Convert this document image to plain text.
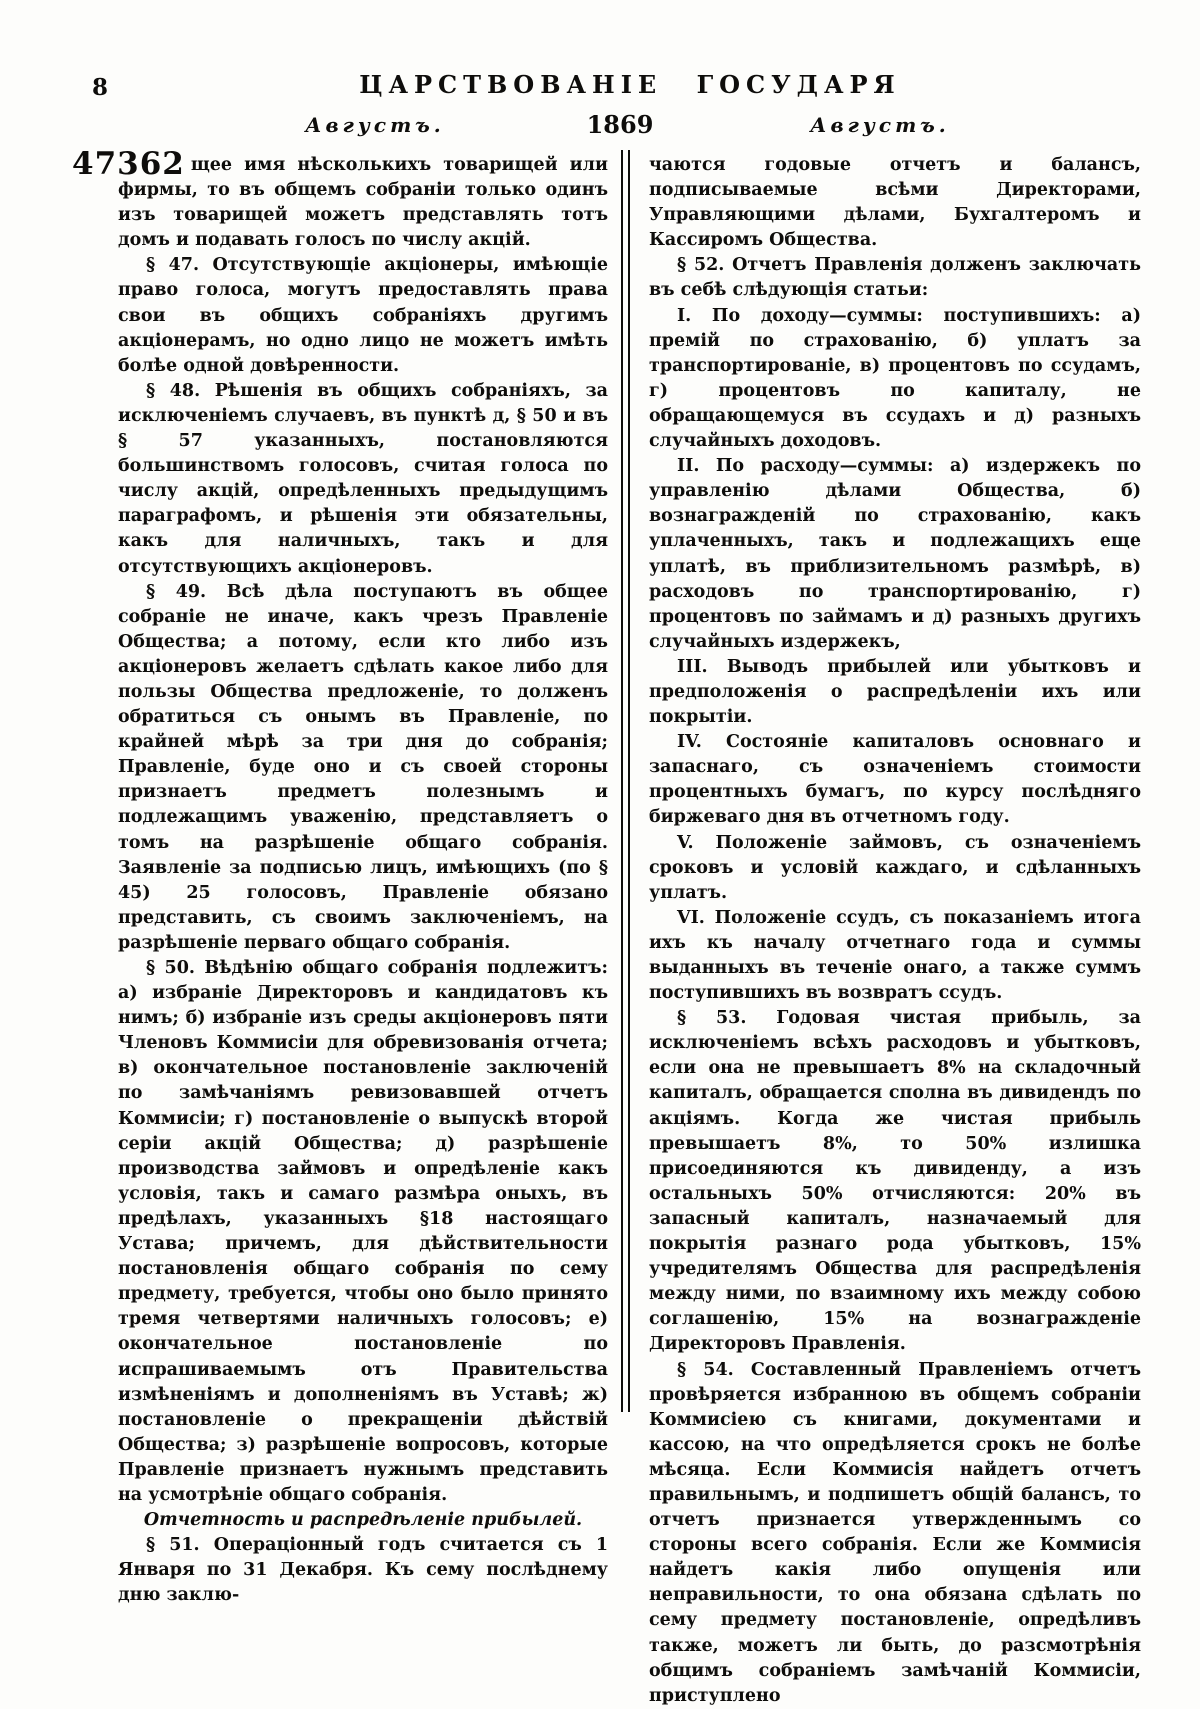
8	ЦАРСТВОВАНІЕ ГОСУДАРЯ
Августъ.	1869	Августъ.

47362 щее имя нѣсколькихъ товарищей или фирмы, то въ общемъ собраніи только одинъ изъ товарищей можетъ представлять тотъ домъ и подавать голосъ по числу акцій.

§ 47. Отсутствующіе акціонеры, имѣющіе право голоса, могутъ предоставлять права свои въ общихъ собраніяхъ другимъ акціонерамъ, но одно лицо не можетъ имѣть болѣе одной довѣренности.

§ 48. Рѣшенія въ общихъ собраніяхъ, за исключеніемъ случаевъ, въ пунктѣ д, § 50 и въ § 57 указанныхъ, постановляются большинствомъ голосовъ, считая голоса по числу акцій, опредѣленныхъ предыдущимъ параграфомъ, и рѣшенія эти обязательны, какъ для наличныхъ, такъ и для отсутствующихъ акціонеровъ.

§ 49. Всѣ дѣла поступаютъ въ общее собраніе не иначе, какъ чрезъ Правленіе Общества; а потому, если кто либо изъ акціонеровъ желаетъ сдѣлать какое либо для пользы Общества предложеніе, то долженъ обратиться съ онымъ въ Правленіе, по крайней мѣрѣ за три дня до собранія; Правленіе, буде оно и съ своей стороны признаетъ предметъ полезнымъ и подлежащимъ уваженію, представляетъ о томъ на разрѣшеніе общаго собранія. Заявленіе за подписью лицъ, имѣющихъ (по § 45) 25 голосовъ, Правленіе обязано представить, съ своимъ заключеніемъ, на разрѣшеніе перваго общаго собранія.

§ 50. Вѣдѣнію общаго собранія подлежитъ: а) избраніе Директоровъ и кандидатовъ къ нимъ; б) избраніе изъ среды акціонеровъ пяти Членовъ Коммисіи для обревизованія отчета; в) окончательное постановленіе заключеній по замѣчаніямъ ревизовавшей отчетъ Коммисіи; г) постановленіе о выпускѣ второй серіи акцій Общества; д) разрѣшеніе производства займовъ и опредѣленіе какъ условія, такъ и самаго размѣра оныхъ, въ предѣлахъ, указанныхъ §18 настоящаго Устава; причемъ, для дѣйствительности постановленія общаго собранія по сему предмету, требуется, чтобы оно было принято тремя четвертями наличныхъ голосовъ; е) окончательное постановленіе по испрашиваемымъ отъ Правительства измѣненіямъ и дополненіямъ въ Уставѣ; ж) постановленіе о прекращеніи дѣйствій Общества; з) разрѣшеніе вопросовъ, которые Правленіе признаетъ нужнымъ представить на усмотрѣніе общаго собранія.

Отчетность и распредѣленіе прибылей.

§ 51. Операціонный годъ считается съ 1 Января по 31 Декабря. Къ сему послѣднему дню заклю-

чаются годовые отчетъ и балансъ, подписываемые всѣми Директорами, Управляющими дѣлами, Бухгалтеромъ и Кассиромъ Общества.

§ 52. Отчетъ Правленія долженъ заключать въ себѣ слѣдующія статьи:

I. По доходу—суммы: поступившихъ: а) премій по страхованію, б) уплатъ за транспортированіе, в) процентовъ по ссудамъ, г) процентовъ по капиталу, не обращающемуся въ ссудахъ и д) разныхъ случайныхъ доходовъ.

II. По расходу—суммы: а) издержекъ по управленію дѣлами Общества, б) вознагражденій по страхованію, какъ уплаченныхъ, такъ и подлежащихъ еще уплатѣ, въ приблизительномъ размѣрѣ, в) расходовъ по транспортированію, г) процентовъ по займамъ и д) разныхъ другихъ случайныхъ издержекъ,

III. Выводъ прибылей или убытковъ и предположенія о распредѣленіи ихъ или покрытіи.

IV. Состояніе капиталовъ основнаго и запаснаго, съ означеніемъ стоимости процентныхъ бумагъ, по курсу послѣдняго биржеваго дня въ отчетномъ году.

V. Положеніе займовъ, съ означеніемъ сроковъ и условій каждаго, и сдѣланныхъ уплатъ.

VI. Положеніе ссудъ, съ показаніемъ итога ихъ къ началу отчетнаго года и суммы выданныхъ въ теченіе онаго, а также суммъ поступившихъ въ возвратъ ссудъ.

§ 53. Годовая чистая прибыль, за исключеніемъ всѣхъ расходовъ и убытковъ, если она не превышаетъ 8% на складочный капиталъ, обращается сполна въ дивидендъ по акціямъ. Когда же чистая прибыль превышаетъ 8%, то 50% излишка присоединяются къ дивиденду, а изъ остальныхъ 50% отчисляются: 20% въ запасный капиталъ, назначаемый для покрытія разнаго рода убытковъ, 15% учредителямъ Общества для распредѣленія между ними, по взаимному ихъ между собою соглашенію, 15% на вознагражденіе Директоровъ Правленія.

§ 54. Составленный Правленіемъ отчетъ провѣряется избранною въ общемъ собраніи Коммисіею съ книгами, документами и кассою, на что опредѣляется срокъ не болѣе мѣсяца. Если Коммисія найдетъ отчетъ правильнымъ, и подпишетъ общій балансъ, то отчетъ признается утвержденнымъ со стороны всего собранія. Если же Коммисія найдетъ какія либо опущенія или неправильности, то она обязана сдѣлать по сему предмету постановленіе, опредѣливъ также, можетъ ли быть, до разсмотрѣнія общимъ собраніемъ замѣчаній Коммисіи, приступлено
